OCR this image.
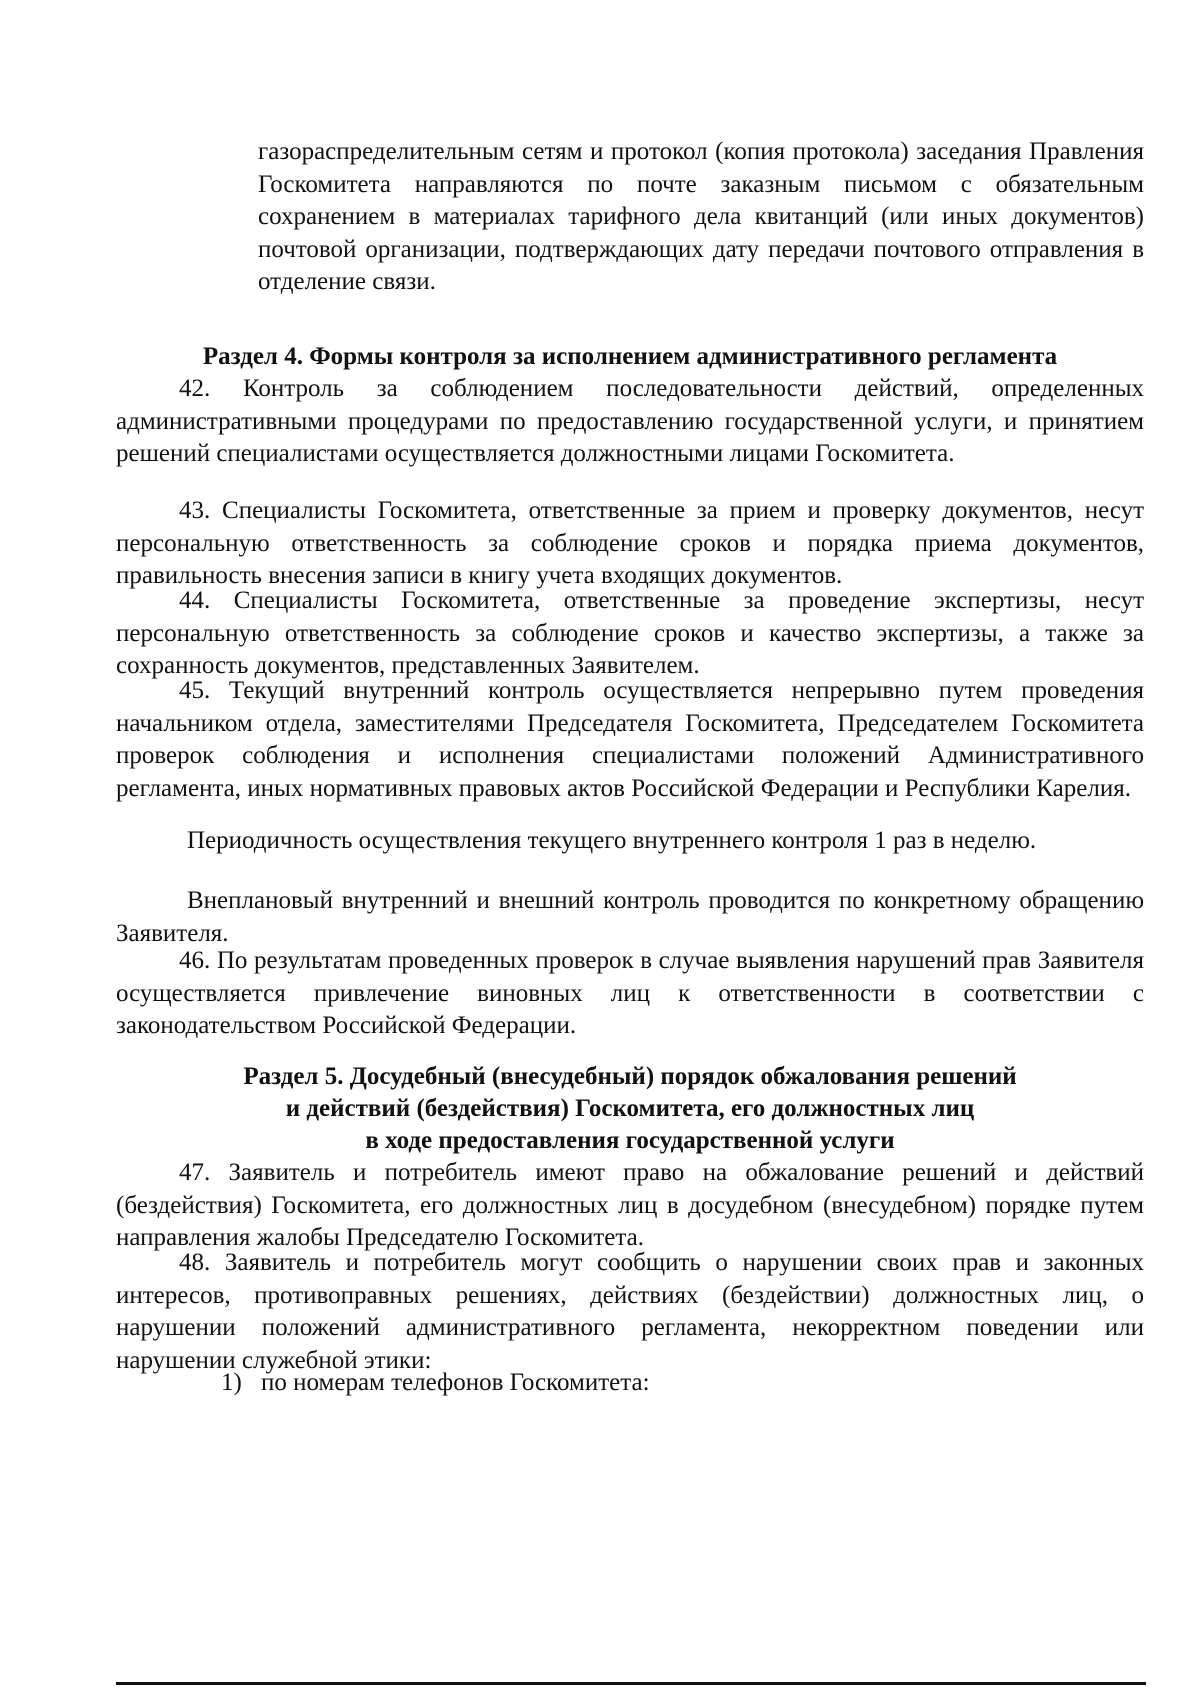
газораспределительным сетям и протокол (копия протокола) заседания Правления Госкомитета направляются по почте заказным письмом с обязательным сохранением в материалах тарифного дела квитанций (или иных документов) почтовой организации, подтверждающих дату передачи почтового отправления в отделение связи.

Раздел 4. Формы контроля за исполнением административного регламента

42. Контроль за соблюдением последовательности действий, определенных административными процедурами по предоставлению государственной услуги, и принятием решений специалистами осуществляется должностными лицами Госкомитета.

43. Специалисты Госкомитета, ответственные за прием и проверку документов, несут персональную ответственность за соблюдение сроков и порядка приема документов, правильность внесения записи в книгу учета входящих документов.

44. Специалисты Госкомитета, ответственные за проведение экспертизы, несут персональную ответственность за соблюдение сроков и качество экспертизы, а также за сохранность документов, представленных Заявителем.

45. Текущий внутренний контроль осуществляется непрерывно путем проведения начальником отдела, заместителями Председателя Госкомитета, Председателем Госкомитета проверок соблюдения и исполнения специалистами положений Административного регламента, иных нормативных правовых актов Российской Федерации и Республики Карелия.

Периодичность осуществления текущего внутреннего контроля 1 раз в неделю.

Внеплановый внутренний и внешний контроль проводится по конкретному обращению Заявителя.

46. По результатам проведенных проверок в случае выявления нарушений прав Заявителя осуществляется привлечение виновных лиц к ответственности в соответствии с законодательством Российской Федерации.

Раздел 5. Досудебный (внесудебный) порядок обжалования решений
и действий (бездействия) Госкомитета, его должностных лиц
в ходе предоставления государственной услуги

47. Заявитель и потребитель имеют право на обжалование решений и действий (бездействия) Госкомитета, его должностных лиц в досудебном (внесудебном) порядке путем направления жалобы Председателю Госкомитета.

48. Заявитель и потребитель могут сообщить о нарушении своих прав и законных интересов, противоправных решениях, действиях (бездействии) должностных лиц, о нарушении положений административного регламента, некорректном поведении или нарушении служебной этики:

1) по номерам телефонов Госкомитета:
